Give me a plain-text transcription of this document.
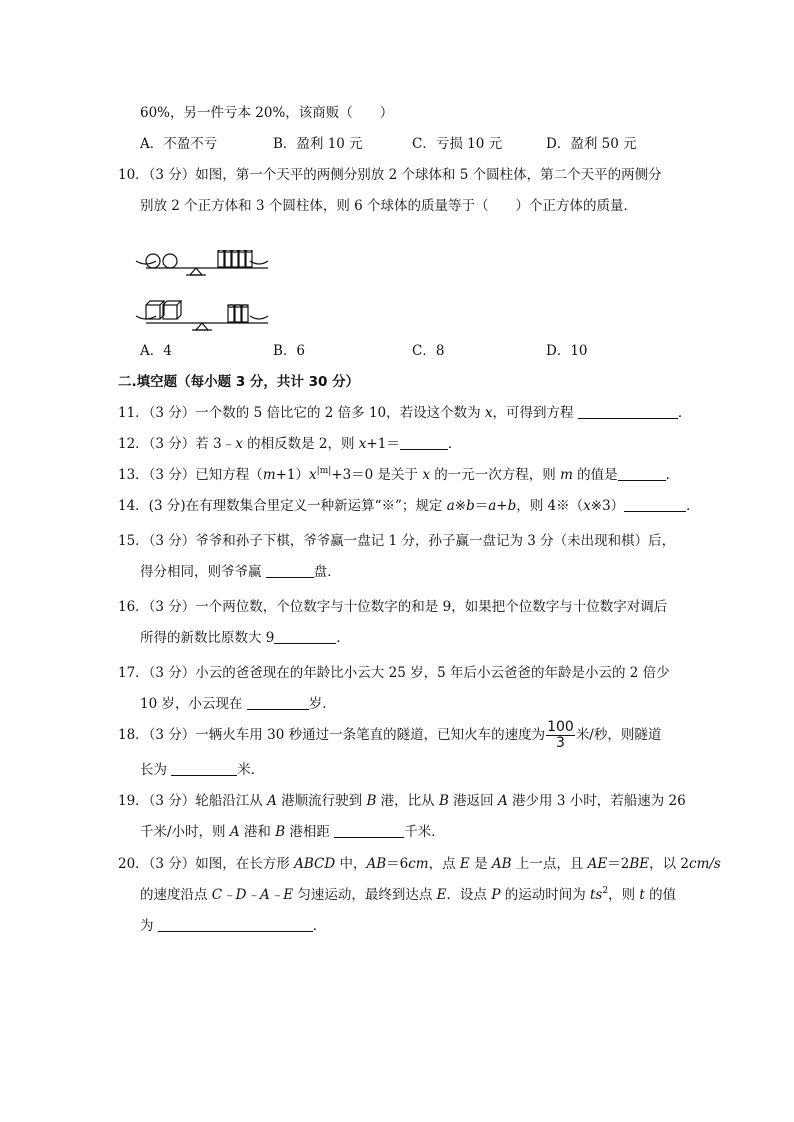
60%，另一件亏本 20%，该商贩（　　）
A．不盈不亏	B．盈利 10 元	C．亏损 10 元	D．盈利 50 元
10．（3 分）如图，第一个天平的两侧分别放 2 个球体和 5 个圆柱体，第二个天平的两侧分
别放 2 个正方体和 3 个圆柱体，则 6 个球体的质量等于（　　）个正方体的质量．
A．4	B．6	C．8	D．10
二.填空题（每小题 3 分，共计 30 分）
11．（3 分）一个数的 5 倍比它的 2 倍多 10，若设这个数为 x，可得到方程	．
12．（3 分）若 3﹣x 的相反数是 2，则 x+1＝	．
13．（3 分）已知方程$(m+1)x^{|m|}+3=0$ 是关于 x 的一元一次方程，则 m 的值是	．
14．(3 分)在有理数集合里定义一种新运算“※”；规定 a※b＝a+b，则 4※（x※3）	．
15．（3 分）爷爷和孙子下棋，爷爷赢一盘记 1 分，孙子赢一盘记为 3 分（未出现和棋）后，
得分相同，则爷爷赢	盘．
16．（3 分）一个两位数，个位数字与十位数字的和是 9，如果把个位数字与十位数字对调后
所得的新数比原数大 9	．
17．（3 分）小云的爸爸现在的年龄比小云大 25 岁，5 年后小云爸爸的年龄是小云的 2 倍少
10 岁，小云现在	岁．
18．（3 分）一辆火车用 30 秒通过一条笔直的隧道，已知火车的速度为 $\frac{100}{3}$ 米/秒，则隧道
长为	米．
19．（3 分）轮船沿江从 A 港顺流行驶到 B 港，比从 B 港返回 A 港少用 3 小时，若船速为 26
千米/小时，则 A 港和 B 港相距	千米．
20．（3 分）如图，在长方形 ABCD 中，AB＝6cm，点 E 是 AB 上一点，且 AE＝2BE，以 2cm/s
的速度沿点 C﹣D﹣A﹣E 匀速运动，最终到达点 E．设点 P 的运动时间为 $ts^2$，则 t 的值
为	．
